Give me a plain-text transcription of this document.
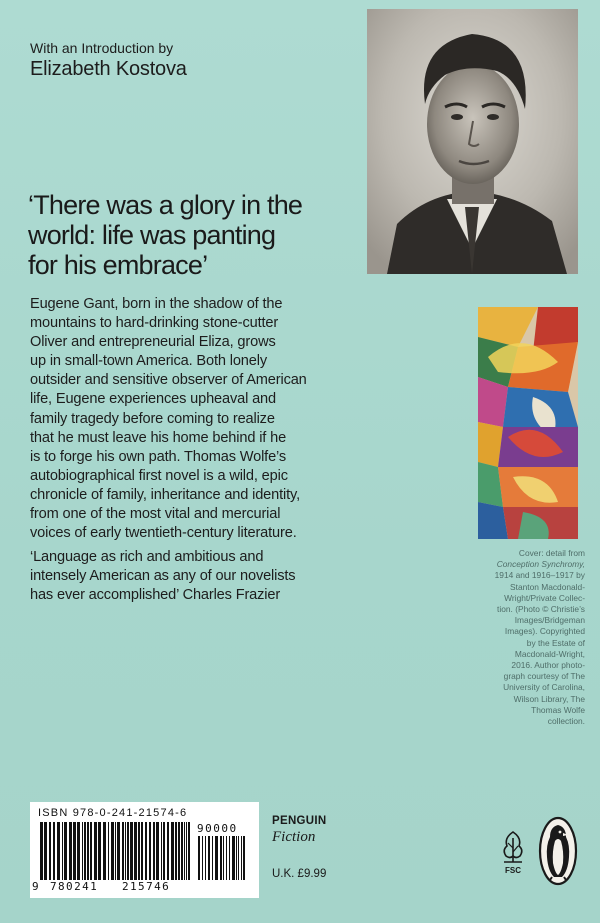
With an Introduction by
Elizabeth Kostova
‘There was a glory in the
world: life was panting
for his embrace’
Eugene Gant, born in the shadow of the
mountains to hard-drinking stone-cutter
Oliver and entrepreneurial Eliza, grows
up in small-town America. Both lonely
outsider and sensitive observer of American
life, Eugene experiences upheaval and
family tragedy before coming to realize
that he must leave his home behind if he
is to forge his own path. Thomas Wolfe’s
autobiographical first novel is a wild, epic
chronicle of family, inheritance and identity,
from one of the most vital and mercurial
voices of early twentieth-century literature.
‘Language as rich and ambitious and
intensely American as any of our novelists
has ever accomplished’ Charles Frazier
Cover: detail from
Conception Synchromy,
1914 and 1916–1917 by
Stanton Macdonald-
Wright/Private Collec-
tion. (Photo © Christie’s
Images/Bridgeman
Images). Copyrighted
by the Estate of
Macdonald-Wright,
2016. Author photo-
graph courtesy of The
University of Carolina,
Wilson Library, The
Thomas Wolfe
collection.
ISBN 978-0-241-21574-6
90000
9 780241 215746
PENGUIN
Fiction
U.K. £9.99	FSC
